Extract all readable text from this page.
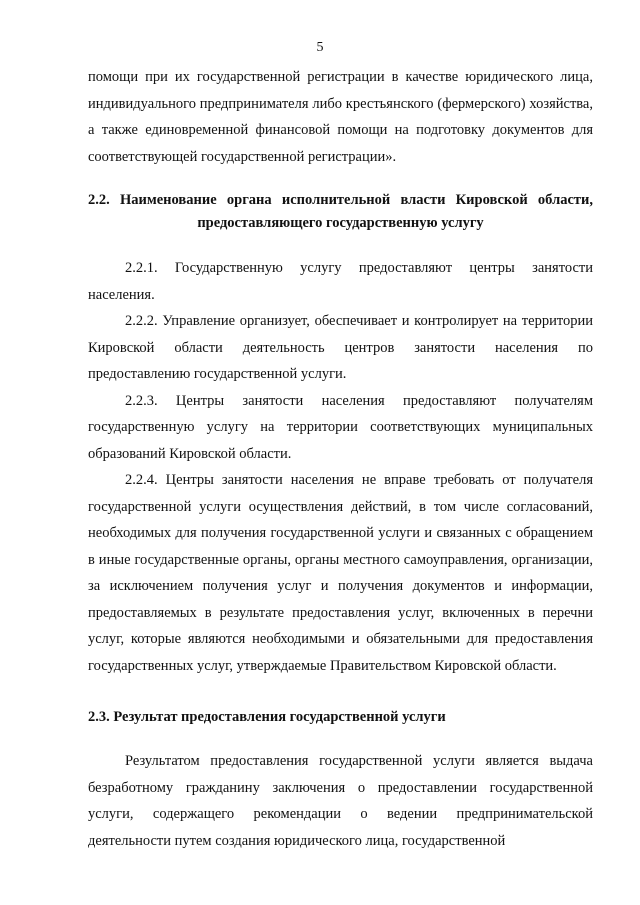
5

помощи при их государственной регистрации в качестве юридического лица, индивидуального предпринимателя либо крестьянского (фермерского) хозяйства, а также единовременной финансовой помощи на подготовку документов для соответствующей государственной регистрации».

2.2. Наименование органа исполнительной власти Кировской области, предоставляющего государственную услугу

2.2.1. Государственную услугу предоставляют центры занятости населения.

2.2.2. Управление организует, обеспечивает и контролирует на территории Кировской области деятельность центров занятости населения по предоставлению государственной услуги.

2.2.3. Центры занятости населения предоставляют получателям государственную услугу на территории соответствующих муниципальных образований Кировской области.

2.2.4. Центры занятости населения не вправе требовать от получателя государственной услуги осуществления действий, в том числе согласований, необходимых для получения государственной услуги и связанных с обращением в иные государственные органы, органы местного самоуправления, организации, за исключением получения услуг и получения документов и информации, предоставляемых в результате предоставления услуг, включенных в перечни услуг, которые являются необходимыми и обязательными для предоставления государственных услуг, утверждаемые Правительством Кировской области.

2.3. Результат предоставления государственной услуги

Результатом предоставления государственной услуги является выдача безработному гражданину заключения о предоставлении государственной услуги, содержащего рекомендации о ведении предпринимательской деятельности путем создания юридического лица, государственной
